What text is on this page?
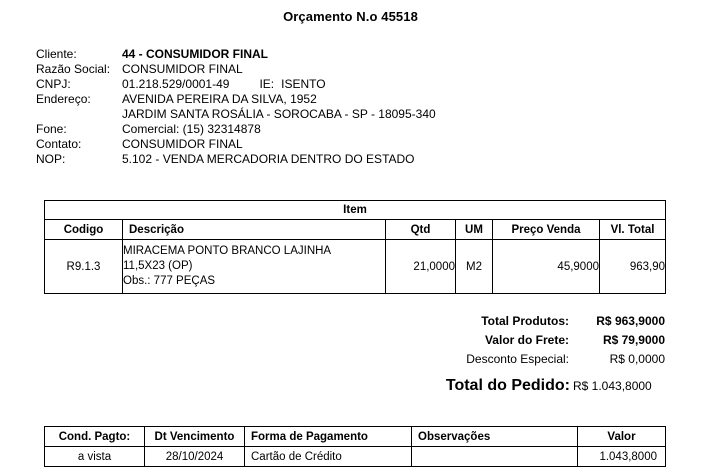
Orçamento N.o 45518
Cliente:	44 - CONSUMIDOR FINAL
Razão Social: CONSUMIDOR FINAL
CNPJ:	01.218.529/0001-49	IE: ISENTO
Endereço:	AVENIDA PEREIRA DA SILVA, 1952
JARDIM SANTA ROSÁLIA - SOROCABA - SP - 18095-340
Fone:	Comercial: (15) 32314878
Contato:	CONSUMIDOR FINAL
NOP:	5.102 - VENDA MERCADORIA DENTRO DO ESTADO
Item					
Codigo	Descrição	Qtd	UM	Preço Venda	Vl. Total
R9.1.3	MIRACEMA PONTO BRANCO LAJINHA
11,5X23 (OP)
Obs.: 777 PEÇAS	21,0000	M2	45,9000	963,90
Total Produtos:	R$ 963,9000
Valor do Frete:	R$ 79,9000
Desconto Especial:	R$ 0,0000
Total do Pedido: R$ 1.043,8000
Cond. Pagto:	Dt Vencimento	Forma de Pagamento	Observações	Valor
a vista	28/10/2024	Cartão de Crédito		1.043,8000
